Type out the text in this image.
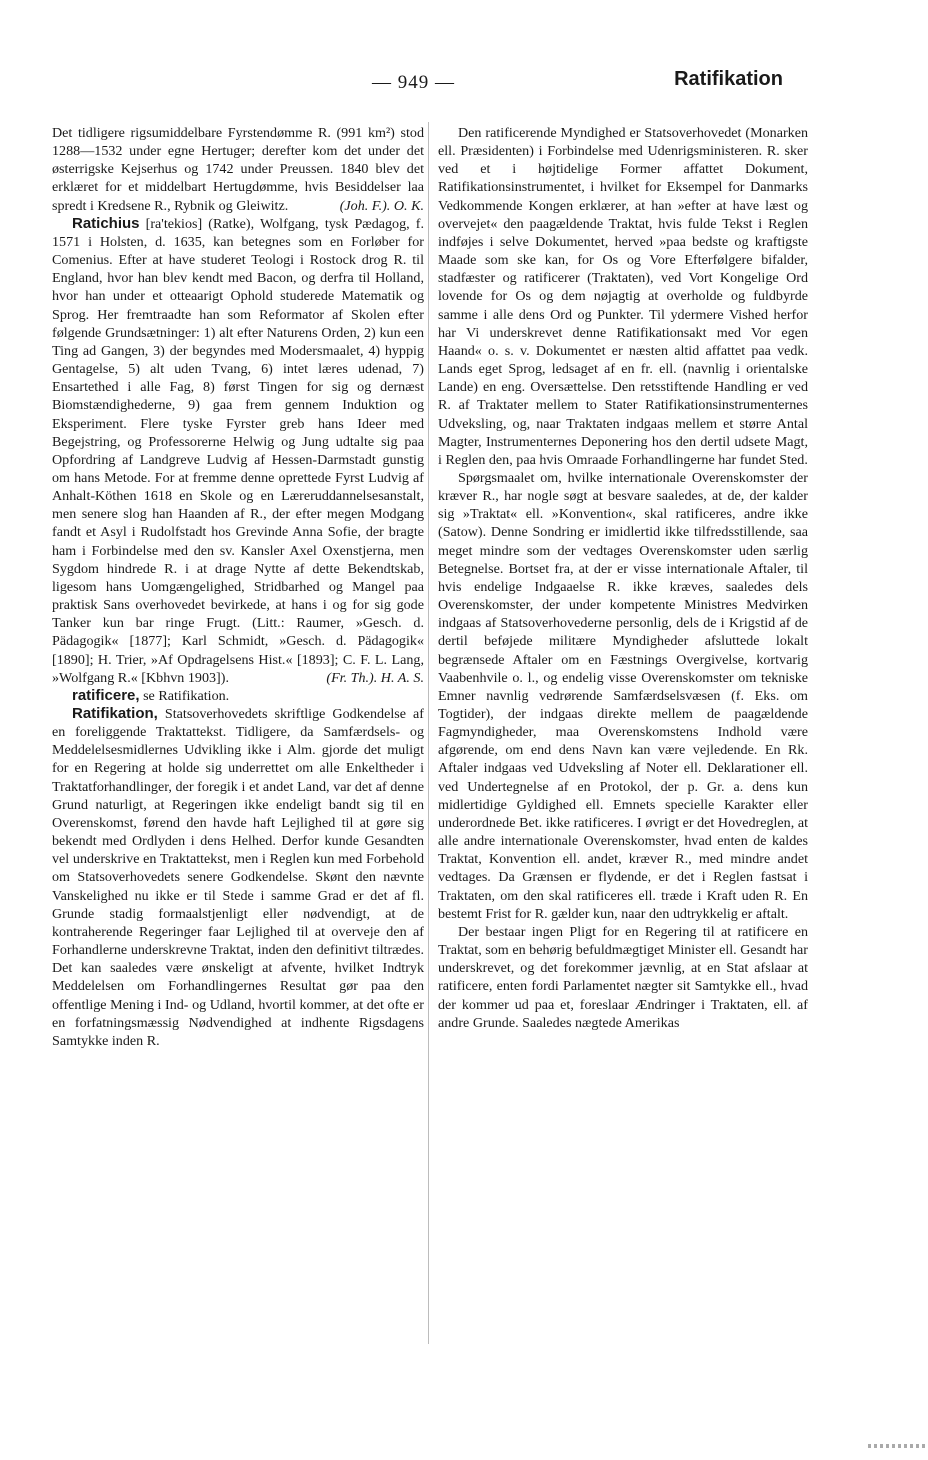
— 949 —	Ratifikation

Det tidligere rigsumiddelbare Fyrstendømme R. (991 km²) stod 1288—1532 under egne Hertuger; derefter kom det under det østerrigske Kejserhus og 1742 under Preussen. 1840 blev det erklæret for et middelbart Hertugdømme, hvis Besiddelser laa spredt i Kredsene R., Rybnik og Gleiwitz.	(Joh. F.). O. K.

Ratichius [ra'tekios] (Ratke), Wolfgang, tysk Pædagog, f. 1571 i Holsten, d. 1635, kan betegnes som en Forløber for Comenius. Efter at have studeret Teologi i Rostock drog R. til England, hvor han blev kendt med Bacon, og derfra til Holland, hvor han under et otteaarigt Ophold studerede Matematik og Sprog. Her fremtraadte han som Reformator af Skolen efter følgende Grundsætninger: 1) alt efter Naturens Orden, 2) kun een Ting ad Gangen, 3) der begyndes med Modersmaalet, 4) hyppig Gentagelse, 5) alt uden Tvang, 6) intet læres udenad, 7) Ensartethed i alle Fag, 8) først Tingen for sig og dernæst Biomstændighederne, 9) gaa frem gennem Induktion og Eksperiment. Flere tyske Fyrster greb hans Ideer med Begejstring, og Professorerne Helwig og Jung udtalte sig paa Opfordring af Landgreve Ludvig af Hessen-Darmstadt gunstig om hans Metode. For at fremme denne oprettede Fyrst Ludvig af Anhalt-Köthen 1618 en Skole og en Læreruddannelsesanstalt, men senere slog han Haanden af R., der efter megen Modgang fandt et Asyl i Rudolfstadt hos Grevinde Anna Sofie, der bragte ham i Forbindelse med den sv. Kansler Axel Oxenstjerna, men Sygdom hindrede R. i at drage Nytte af dette Bekendtskab, ligesom hans Uomgængelighed, Stridbarhed og Mangel paa praktisk Sans overhovedet bevirkede, at hans i og for sig gode Tanker kun bar ringe Frugt. (Litt.: Raumer, »Gesch. d. Pädagogik« [1877]; Karl Schmidt, »Gesch. d. Pädagogik« [1890]; H. Trier, »Af Opdragelsens Hist.« [1893]; C. F. L. Lang, »Wolfgang R.« [Kbhvn 1903]).	(Fr. Th.). H. A. S.

ratificere, se Ratifikation.

Ratifikation, Statsoverhovedets skriftlige Godkendelse af en foreliggende Traktattekst. Tidligere, da Samfærdsels- og Meddelelsesmidlernes Udvikling ikke i Alm. gjorde det muligt for en Regering at holde sig underrettet om alle Enkeltheder i Traktatforhandlinger, der foregik i et andet Land, var det af denne Grund naturligt, at Regeringen ikke endeligt bandt sig til en Overenskomst, førend den havde haft Lejlighed til at gøre sig bekendt med Ordlyden i dens Helhed. Derfor kunde Gesandten vel underskrive en Traktattekst, men i Reglen kun med Forbehold om Statsoverhovedets senere Godkendelse. Skønt den nævnte Vanskelighed nu ikke er til Stede i samme Grad er det af fl. Grunde stadig formaalstjenligt eller nødvendigt, at de kontraherende Regeringer faar Lejlighed til at overveje den af Forhandlerne underskrevne Traktat, inden den definitivt tiltrædes. Det kan saaledes være ønskeligt at afvente, hvilket Indtryk Meddelelsen om Forhandlingernes Resultat gør paa den offentlige Mening i Ind- og Udland, hvortil kommer, at det ofte er en forfatningsmæssig Nødvendighed at indhente Rigsdagens Samtykke inden R.

Den ratificerende Myndighed er Statsoverhovedet (Monarken ell. Præsidenten) i Forbindelse med Udenrigsministeren. R. sker ved et i højtidelige Former affattet Dokument, Ratifikationsinstrumentet, i hvilket for Eksempel for Danmarks Vedkommende Kongen erklærer, at han »efter at have læst og overvejet« den paagældende Traktat, hvis fulde Tekst i Reglen indføjes i selve Dokumentet, herved »paa bedste og kraftigste Maade som ske kan, for Os og Vore Efterfølgere bifalder, stadfæster og ratificerer (Traktaten), ved Vort Kongelige Ord lovende for Os og dem nøjagtig at overholde og fuldbyrde samme i alle dens Ord og Punkter. Til ydermere Vished herfor har Vi underskrevet denne Ratifikationsakt med Vor egen Haand« o. s. v. Dokumentet er næsten altid affattet paa vedk. Lands eget Sprog, ledsaget af en fr. ell. (navnlig i orientalske Lande) en eng. Oversættelse. Den retsstiftende Handling er ved R. af Traktater mellem to Stater Ratifikationsinstrumenternes Udveksling, og, naar Traktaten indgaas mellem et større Antal Magter, Instrumenternes Deponering hos den dertil udsete Magt, i Reglen den, paa hvis Omraade Forhandlingerne har fundet Sted.

Spørgsmaalet om, hvilke internationale Overenskomster der kræver R., har nogle søgt at besvare saaledes, at de, der kalder sig »Traktat« ell. »Konvention«, skal ratificeres, andre ikke (Satow). Denne Sondring er imidlertid ikke tilfredsstillende, saa meget mindre som der vedtages Overenskomster uden særlig Betegnelse. Bortset fra, at der er visse internationale Aftaler, til hvis endelige Indgaaelse R. ikke kræves, saaledes dels Overenskomster, der under kompetente Ministres Medvirken indgaas af Statsoverhovederne personlig, dels de i Krigstid af de dertil beføjede militære Myndigheder afsluttede lokalt begrænsede Aftaler om en Fæstnings Overgivelse, kortvarig Vaabenhvile o. l., og endelig visse Overenskomster om tekniske Emner navnlig vedrørende Samfærdselsvæsen (f. Eks. om Togtider), der indgaas direkte mellem de paagældende Fagmyndigheder, maa Overenskomstens Indhold være afgørende, om end dens Navn kan være vejledende. En Rk. Aftaler indgaas ved Udveksling af Noter ell. Deklarationer ell. ved Undertegnelse af en Protokol, der p. Gr. a. dens kun midlertidige Gyldighed ell. Emnets specielle Karakter eller underordnede Bet. ikke ratificeres. I øvrigt er det Hovedreglen, at alle andre internationale Overenskomster, hvad enten de kaldes Traktat, Konvention ell. andet, kræver R., med mindre andet vedtages. Da Grænsen er flydende, er det i Reglen fastsat i Traktaten, om den skal ratificeres ell. træde i Kraft uden R. En bestemt Frist for R. gælder kun, naar den udtrykkelig er aftalt.

Der bestaar ingen Pligt for en Regering til at ratificere en Traktat, som en behørig befuldmægtiget Minister ell. Gesandt har underskrevet, og det forekommer jævnlig, at en Stat afslaar at ratificere, enten fordi Parlamentet nægter sit Samtykke ell., hvad der kommer ud paa et, foreslaar Ændringer i Traktaten, ell. af andre Grunde. Saaledes nægtede Amerikas
